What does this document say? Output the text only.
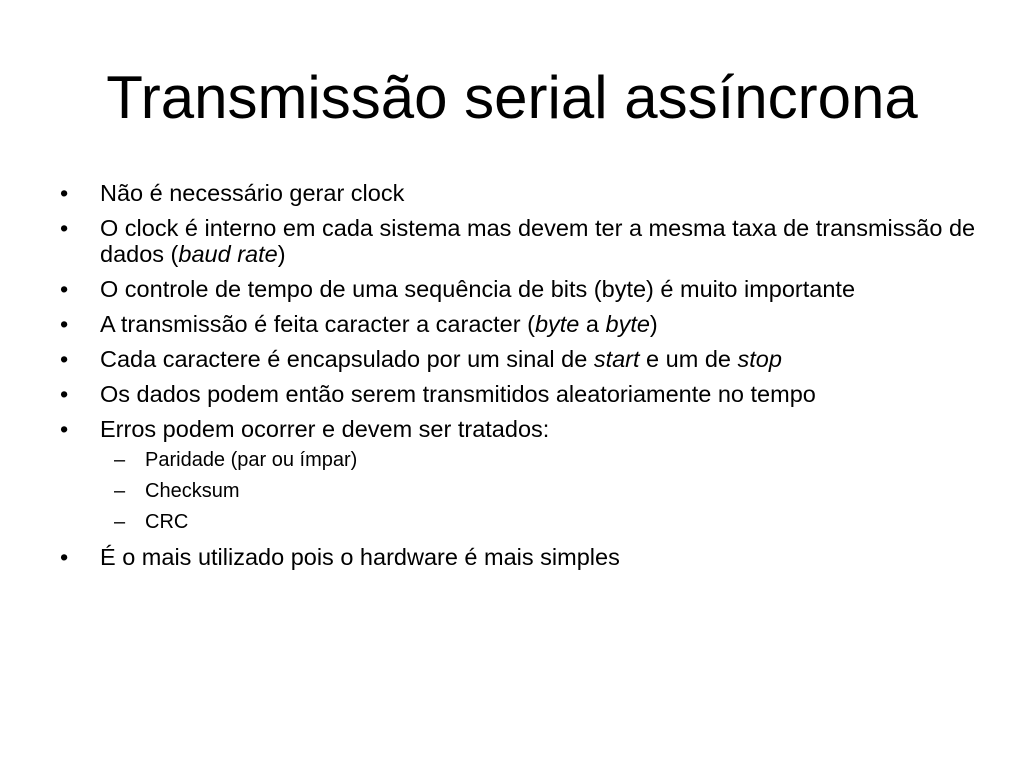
Transmissão serial assíncrona
• Não é necessário gerar clock
• O clock é interno em cada sistema mas devem ter a mesma taxa de transmissão de dados (baud rate)
• O controle de tempo de uma sequência de bits (byte) é muito importante
• A transmissão é feita caracter a caracter (byte a byte)
• Cada caractere é encapsulado por um sinal de start e um de stop
• Os dados podem então serem transmitidos aleatoriamente no tempo
• Erros podem ocorrer e devem ser tratados:
– Paridade (par ou ímpar)
– Checksum
– CRC
• É o mais utilizado pois o hardware é mais simples
